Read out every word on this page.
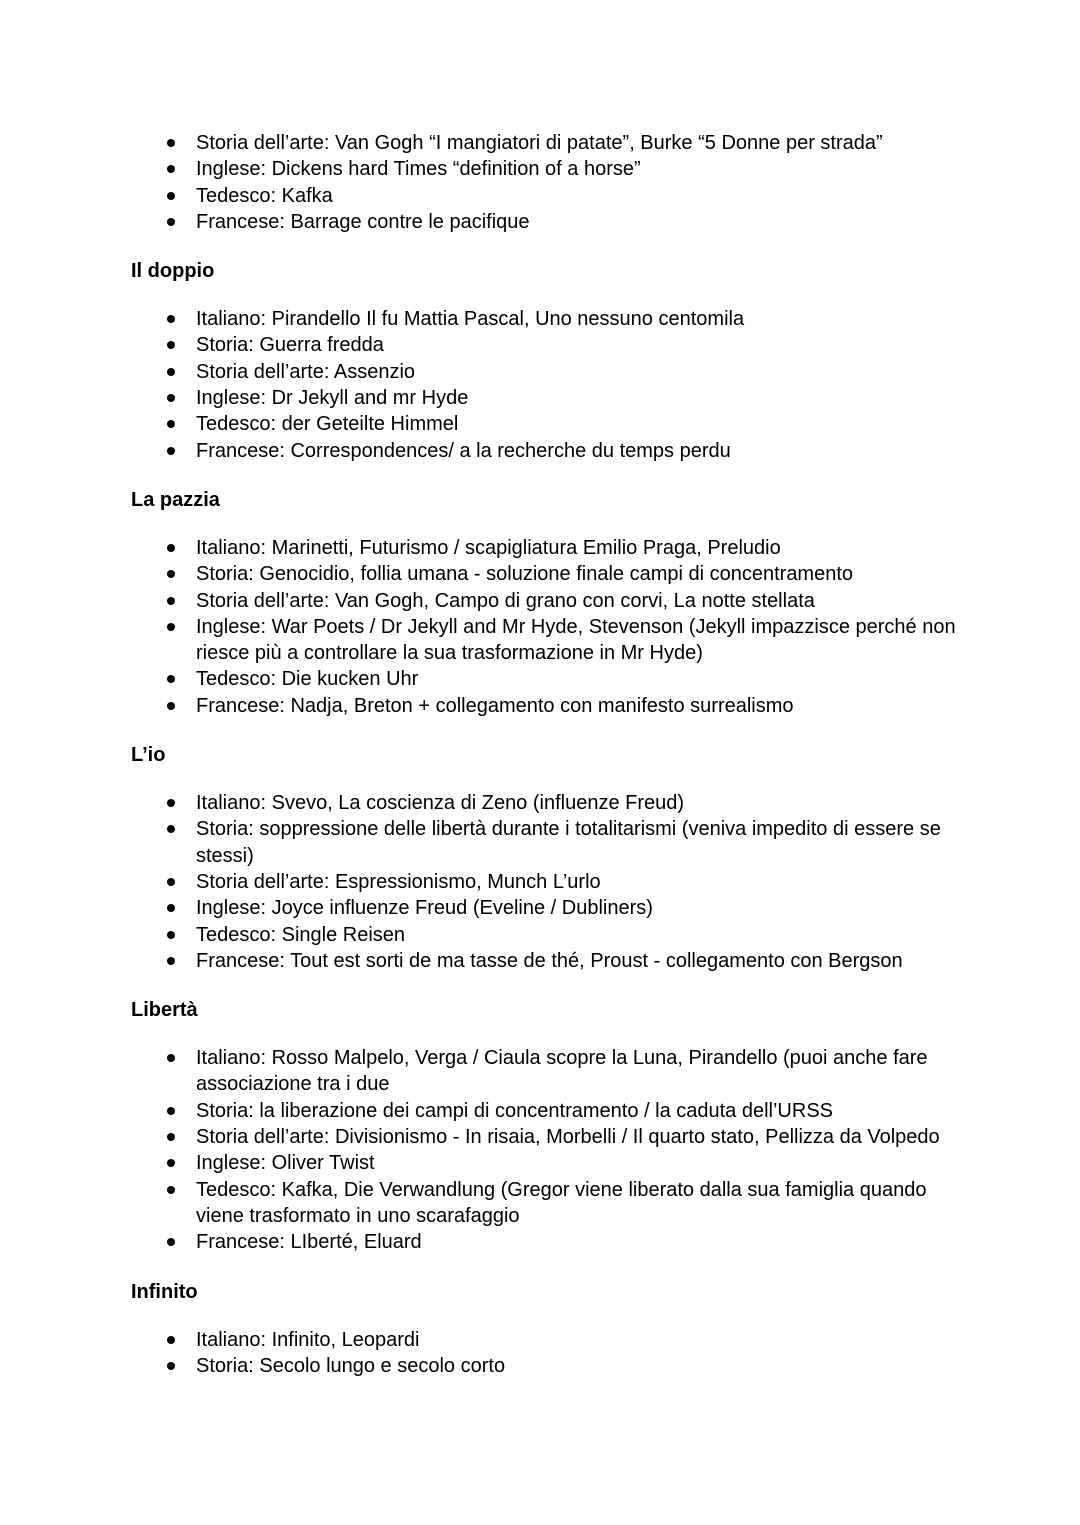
Storia dell’arte: Van Gogh “I mangiatori di patate”, Burke “5 Donne per strada”
Inglese: Dickens hard Times “definition of a horse”
Tedesco: Kafka
Francese: Barrage contre le pacifique
Il doppio
Italiano: Pirandello Il fu Mattia Pascal, Uno nessuno centomila
Storia: Guerra fredda
Storia dell’arte: Assenzio
Inglese: Dr Jekyll and mr Hyde
Tedesco: der Geteilte Himmel
Francese: Correspondences/ a la recherche du temps perdu
La pazzia
Italiano: Marinetti, Futurismo / scapigliatura Emilio Praga, Preludio
Storia: Genocidio, follia umana - soluzione finale campi di concentramento
Storia dell’arte: Van Gogh, Campo di grano con corvi, La notte stellata
Inglese: War Poets / Dr Jekyll and Mr Hyde, Stevenson (Jekyll impazzisce perché non riesce più a controllare la sua trasformazione in Mr Hyde)
Tedesco: Die kucken Uhr
Francese: Nadja, Breton + collegamento con manifesto surrealismo
L’io
Italiano: Svevo, La coscienza di Zeno (influenze Freud)
Storia: soppressione delle libertà durante i totalitarismi (veniva impedito di essere se stessi)
Storia dell’arte: Espressionismo, Munch L’urlo
Inglese: Joyce influenze Freud (Eveline / Dubliners)
Tedesco: Single Reisen
Francese: Tout est sorti de ma tasse de thé, Proust - collegamento con Bergson
Libertà
Italiano: Rosso Malpelo, Verga / Ciaula scopre la Luna, Pirandello (puoi anche fare associazione tra i due
Storia: la liberazione dei campi di concentramento / la caduta dell’URSS
Storia dell’arte: Divisionismo - In risaia, Morbelli / Il quarto stato, Pellizza da Volpedo
Inglese: Oliver Twist
Tedesco: Kafka, Die Verwandlung (Gregor viene liberato dalla sua famiglia quando viene trasformato in uno scarafaggio
Francese: LIberté, Eluard
Infinito
Italiano: Infinito, Leopardi
Storia: Secolo lungo e secolo corto
